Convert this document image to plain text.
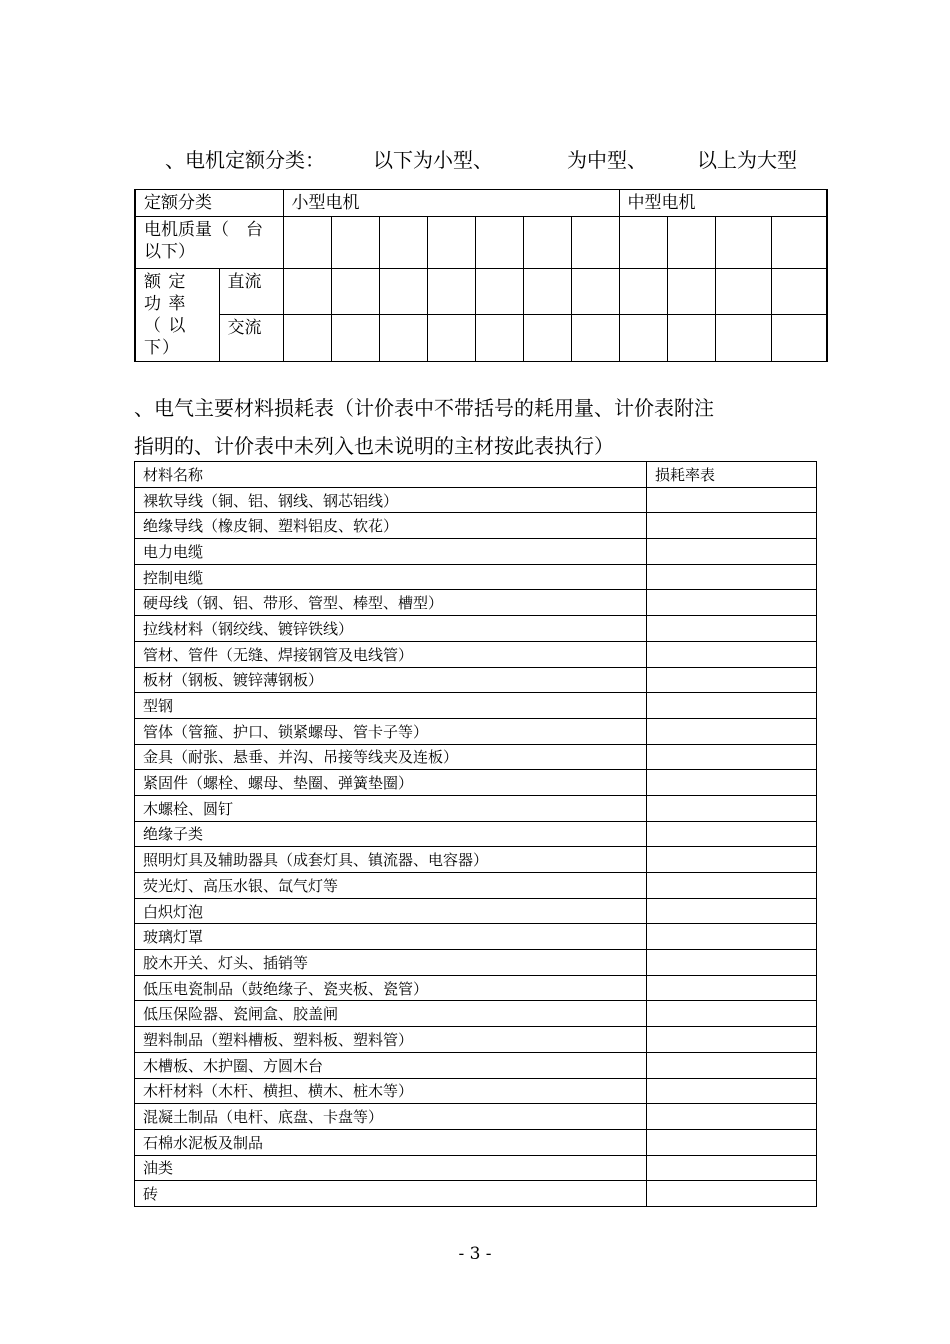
、电机定额分类： 以下为小型、	为中型、	以上为大型
定额分类		小型电机							中型电机			
电机质量（　台以下）												
额 定 功 率 （ 以下）	直流											
	交流											
、电气主要材料损耗表（计价表中不带括号的耗用量、计价表附注
指明的、计价表中未列入也未说明的主材按此表执行）
材料名称	损耗率表
裸软导线（铜、铝、钢线、钢芯铝线）	
绝缘导线（橡皮铜、塑料铝皮、软花）	
电力电缆	
控制电缆	
硬母线（钢、铝、带形、管型、棒型、槽型）	
拉线材料（钢绞线、镀锌铁线）	
管材、管件（无缝、焊接钢管及电线管）	
板材（钢板、镀锌薄钢板）	
型钢	
管体（管箍、护口、锁紧螺母、管卡子等）	
金具（耐张、悬垂、并沟、吊接等线夹及连板）	
紧固件（螺栓、螺母、垫圈、弹簧垫圈）	
木螺栓、圆钉	
绝缘子类	
照明灯具及辅助器具（成套灯具、镇流器、电容器）	
荧光灯、高压水银、氙气灯等	
白炽灯泡	
玻璃灯罩	
胶木开关、灯头、插销等	
低压电瓷制品（鼓绝缘子、瓷夹板、瓷管）	
低压保险器、瓷闸盒、胶盖闸	
塑料制品（塑料槽板、塑料板、塑料管）	
木槽板、木护圈、方圆木台	
木杆材料（木杆、横担、横木、桩木等）	
混凝土制品（电杆、底盘、卡盘等）	
石棉水泥板及制品	
油类	
砖	
- 3 -
